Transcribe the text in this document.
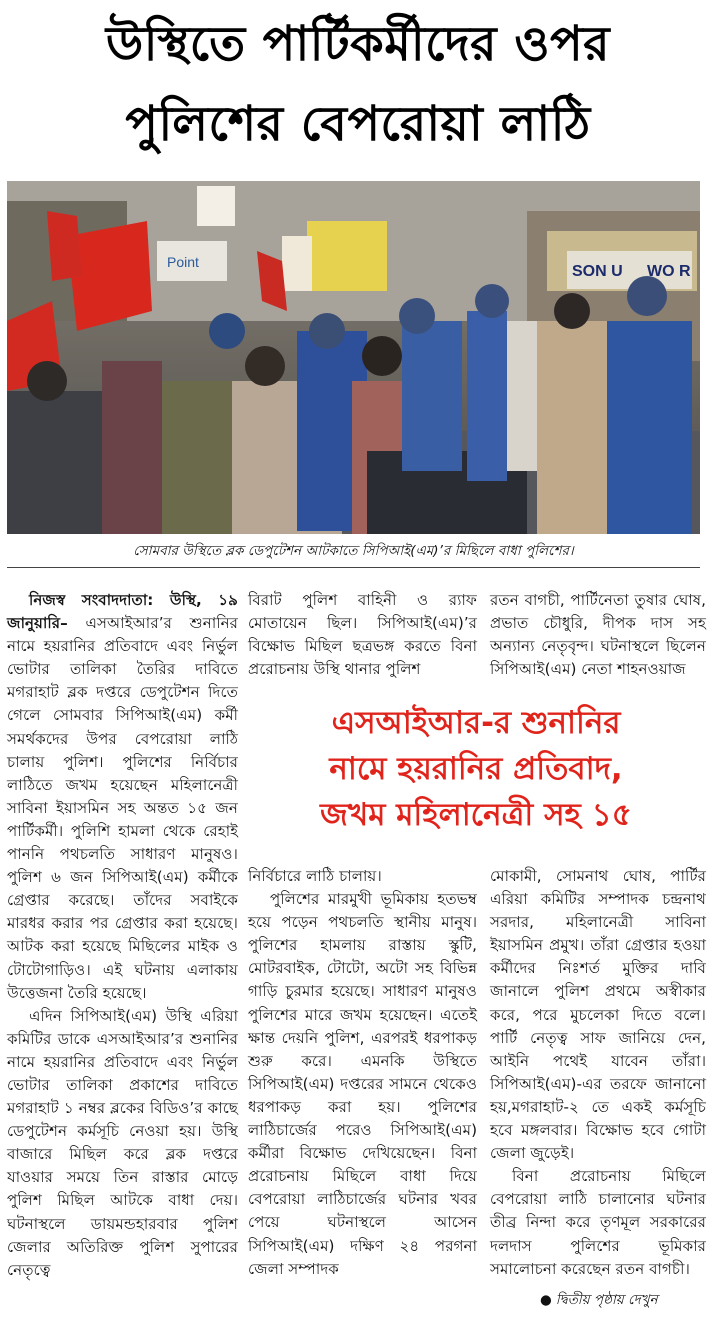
উস্থিতে পার্টিকর্মীদের ওপর
পুলিশের বেপরোয়া লাঠি
Point
SON U WO R
সোমবার উস্থিতে ব্লক ডেপুটেশন আটকাতে সিপিআই(এম)’র মিছিলে বাধা পুলিশের।

নিজস্ব সংবাদদাতা: উস্থি, ১৯ জানুয়ারি– এসআইআর’র শুনানির নামে হয়রানির প্রতিবাদে এবং নির্ভুল ভোটার তালিকা তৈরির দাবিতে মগরাহাট ব্লক দপ্তরে ডেপুটেশন দিতে গেলে সোমবার সিপিআই(এম) কর্মী সমর্থকদের উপর বেপরোয়া লাঠি চালায় পুলিশ। পুলিশের নির্বিচার লাঠিতে জখম হয়েছেন মহিলানেত্রী সাবিনা ইয়াসমিন সহ অন্তত ১৫ জন পার্টিকর্মী। পুলিশি হামলা থেকে রেহাই পাননি পথচলতি সাধারণ মানুষও। পুলিশ ৬ জন সিপিআই(এম) কর্মীকে গ্রেপ্তার করেছে। তাঁদের সবাইকে মারধর করার পর গ্রেপ্তার করা হয়েছে। আটক করা হয়েছে মিছিলের মাইক ও টোটোগাড়িও। এই ঘটনায় এলাকায় উত্তেজনা তৈরি হয়েছে।

এদিন সিপিআই(এম) উস্থি এরিয়া কমিটির ডাকে এসআইআর’র শুনানির নামে হয়রানির প্রতিবাদে এবং নির্ভুল ভোটার তালিকা প্রকাশের দাবিতে মগরাহাট ১ নম্বর ব্লকের বিডিও’র কাছে ডেপুটেশন কর্মসূচি নেওয়া হয়। উস্থি বাজারে মিছিল করে ব্লক দপ্তরে যাওয়ার সময়ে তিন রাস্তার মোড়ে পুলিশ মিছিল আটকে বাধা দেয়। ঘটনাস্থলে ডায়মন্ডহারবার পুলিশ জেলার অতিরিক্ত পুলিশ সুপারের নেতৃত্বে

বিরাট পুলিশ বাহিনী ও র‌্যাফ মোতায়েন ছিল। সিপিআই(এম)’র বিক্ষোভ মিছিল ছত্রভঙ্গ করতে বিনা প্ররোচনায় উস্থি থানার পুলিশ

রতন বাগচী, পার্টিনেতা তুষার ঘোষ, প্রভাত চৌধুরি, দীপক দাস সহ অন্যান্য নেতৃবৃন্দ। ঘটনাস্থলে ছিলেন সিপিআই(এম) নেতা শাহনওয়াজ

এসআইআর-র শুনানির
নামে হয়রানির প্রতিবাদ,
জখম মহিলানেত্রী সহ ১৫

নির্বিচারে লাঠি চালায়।

পুলিশের মারমুখী ভূমিকায় হতভম্ব হয়ে পড়েন পথচলতি স্থানীয় মানুষ। পুলিশের হামলায় রাস্তায় স্কুটি, মোটরবাইক, টোটো, অটো সহ বিভিন্ন গাড়ি চুরমার হয়েছে। সাধারণ মানুষও পুলিশের মারে জখম হয়েছেন। এতেই ক্ষান্ত দেয়নি পুলিশ, এরপরই ধরপাকড় শুরু করে। এমনকি উস্থিতে সিপিআই(এম) দপ্তরের সামনে থেকেও ধরপাকড় করা হয়। পুলিশের লাঠিচার্জের পরেও সিপিআই(এম) কর্মীরা বিক্ষোভ দেখিয়েছেন। বিনা প্ররোচনায় মিছিলে বাধা দিয়ে বেপরোয়া লাঠিচার্জের ঘটনার খবর পেয়ে ঘটনাস্থলে আসেন সিপিআই(এম) দক্ষিণ ২৪ পরগনা জেলা সম্পাদক

মোকামী, সোমনাথ ঘোষ, পার্টির এরিয়া কমিটির সম্পাদক চন্দ্রনাথ সরদার, মহিলানেত্রী সাবিনা ইয়াসমিন প্রমুখ। তাঁরা গ্রেপ্তার হওয়া কর্মীদের নিঃশর্ত মুক্তির দাবি জানালে পুলিশ প্রথমে অস্বীকার করে, পরে মুচলেকা দিতে বলে। পার্টি নেতৃত্ব সাফ জানিয়ে দেন, আইনি পথেই যাবেন তাঁরা। সিপিআই(এম)-এর তরফে জানানো হয়,মগরাহাট-২ তে একই কর্মসূচি হবে মঙ্গলবার। বিক্ষোভ হবে গোটা জেলা জুড়েই।

বিনা প্ররোচনায় মিছিলে বেপরোয়া লাঠি চালানোর ঘটনার তীব্র নিন্দা করে তৃণমূল সরকারের দলদাস পুলিশের ভূমিকার সমালোচনা করেছেন রতন বাগচী।

● দ্বিতীয় পৃষ্ঠায় দেখুন
